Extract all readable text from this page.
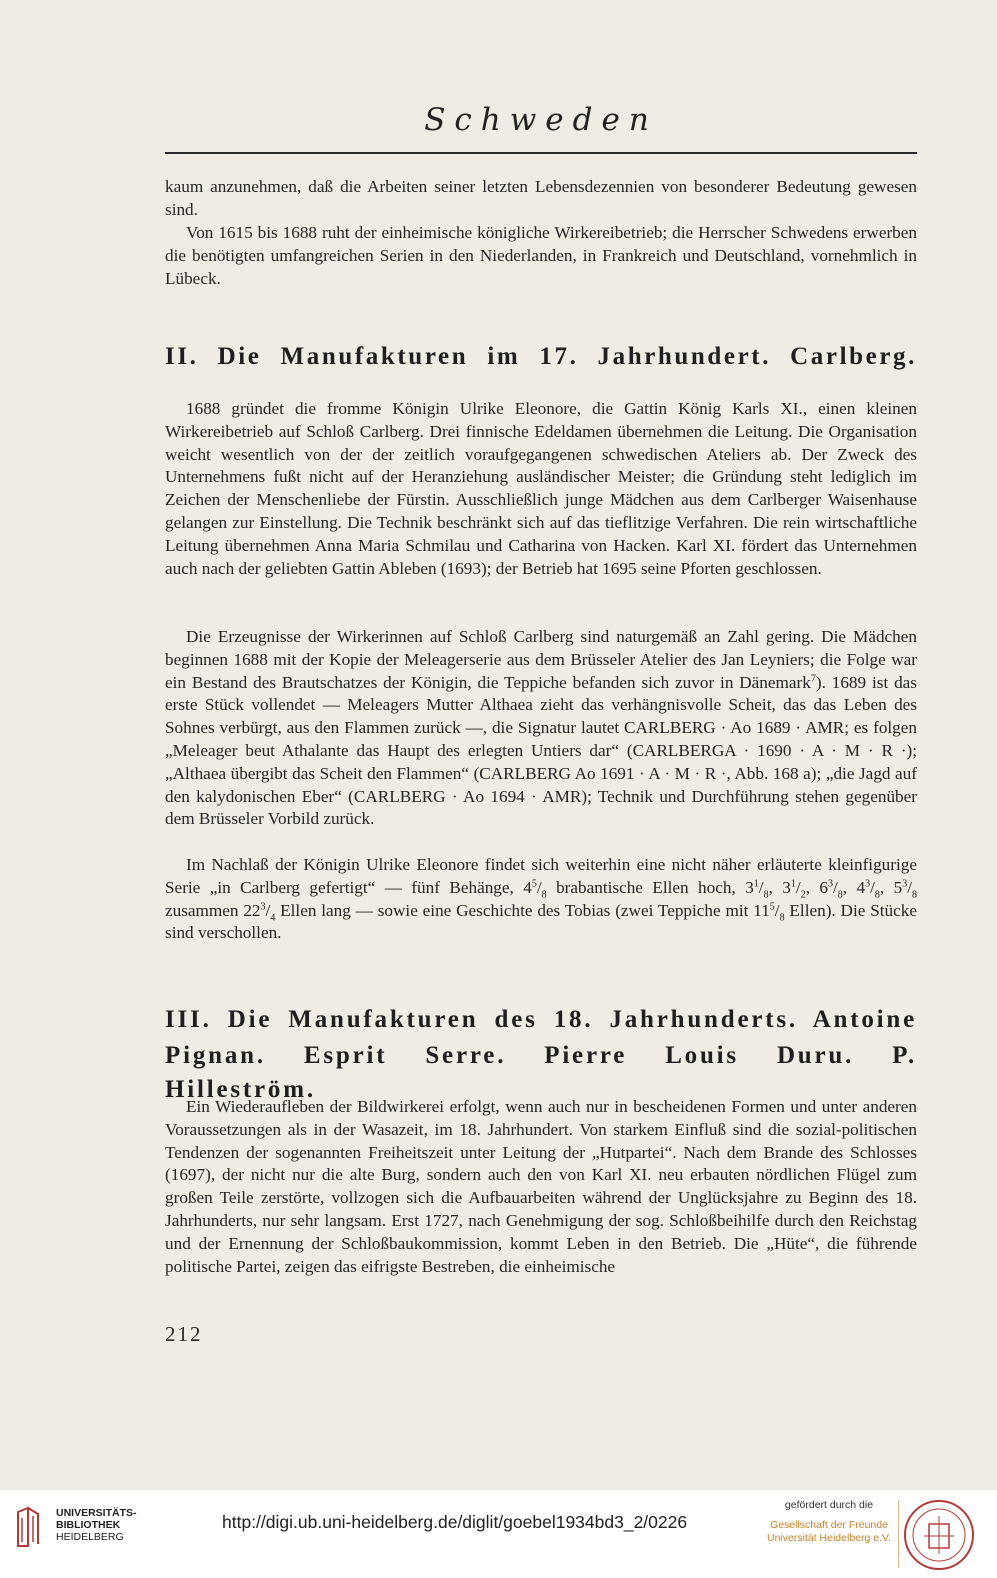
Schweden

kaum anzunehmen, daß die Arbeiten seiner letzten Lebensdezennien von besonderer Bedeutung gewesen sind.

Von 1615 bis 1688 ruht der einheimische königliche Wirkereibetrieb; die Herrscher Schwedens erwerben die benötigten umfangreichen Serien in den Niederlanden, in Frankreich und Deutschland, vornehmlich in Lübeck.

II. Die Manufakturen im 17. Jahrhundert. Carlberg.

1688 gründet die fromme Königin Ulrike Eleonore, die Gattin König Karls XI., einen kleinen Wirkereibetrieb auf Schloß Carlberg. Drei finnische Edeldamen übernehmen die Leitung. Die Organisation weicht wesentlich von der der zeitlich voraufgegangenen schwedischen Ateliers ab. Der Zweck des Unternehmens fußt nicht auf der Heranziehung ausländischer Meister; die Gründung steht lediglich im Zeichen der Menschenliebe der Fürstin. Ausschließlich junge Mädchen aus dem Carlberger Waisenhause gelangen zur Einstellung. Die Technik beschränkt sich auf das tieflitzige Verfahren. Die rein wirtschaftliche Leitung übernehmen Anna Maria Schmilau und Catharina von Hacken. Karl XI. fördert das Unternehmen auch nach der geliebten Gattin Ableben (1693); der Betrieb hat 1695 seine Pforten geschlossen.

Die Erzeugnisse der Wirkerinnen auf Schloß Carlberg sind naturgemäß an Zahl gering. Die Mädchen beginnen 1688 mit der Kopie der Meleagerserie aus dem Brüsseler Atelier des Jan Leyniers; die Folge war ein Bestand des Brautschatzes der Königin, die Teppiche befanden sich zuvor in Dänemark$^7$). 1689 ist das erste Stück vollendet — Meleagers Mutter Althaea zieht das verhängnisvolle Scheit, das das Leben des Sohnes verbürgt, aus den Flammen zurück —, die Signatur lautet CARLBERG · Ao 1689 · AMR; es folgen „Meleager beut Athalante das Haupt des erlegten Untiers dar“ (CARLBERGA · 1690 · A · M · R ·); „Althaea übergibt das Scheit den Flammen“ (CARLBERG Ao 1691 · A · M · R ·, Abb. 168 a); „die Jagd auf den kalydonischen Eber“ (CARLBERG · Ao 1694 · AMR); Technik und Durchführung stehen gegenüber dem Brüsseler Vorbild zurück.

Im Nachlaß der Königin Ulrike Eleonore findet sich weiterhin eine nicht näher erläuterte kleinfigurige Serie „in Carlberg gefertigt“ — fünf Behänge, $4^5/_8$ brabantische Ellen hoch, $3^1/_8$, $3^1/_2$, $6^3/_8$, $4^3/_8$, $5^3/_8$ zusammen $22^3/_4$ Ellen lang — sowie eine Geschichte des Tobias (zwei Teppiche mit $11^5/_8$ Ellen). Die Stücke sind verschollen.

III. Die Manufakturen des 18. Jahrhunderts. Antoine
Pignan. Esprit Serre. Pierre Louis Duru. P. Hilleström.

Ein Wiederaufleben der Bildwirkerei erfolgt, wenn auch nur in bescheidenen Formen und unter anderen Voraussetzungen als in der Wasazeit, im 18. Jahrhundert. Von starkem Einfluß sind die sozial-politischen Tendenzen der sogenannten Freiheitszeit unter Leitung der „Hutpartei“. Nach dem Brande des Schlosses (1697), der nicht nur die alte Burg, sondern auch den von Karl XI. neu erbauten nördlichen Flügel zum großen Teile zerstörte, vollzogen sich die Aufbauarbeiten während der Unglücksjahre zu Beginn des 18. Jahrhunderts, nur sehr langsam. Erst 1727, nach Genehmigung der sog. Schloßbeihilfe durch den Reichstag und der Ernennung der Schloßbaukommission, kommt Leben in den Betrieb. Die „Hüte“, die führende politische Partei, zeigen das eifrigste Bestreben, die einheimische

212
UNIVERSITÄTS-
BIBLIOTHEK
HEIDELBERG
http://digi.ub.uni-heidelberg.de/diglit/goebel1934bd3_2/0226
gefördert durch die
Gesellschaft der Freunde
Universität Heidelberg e.V.
